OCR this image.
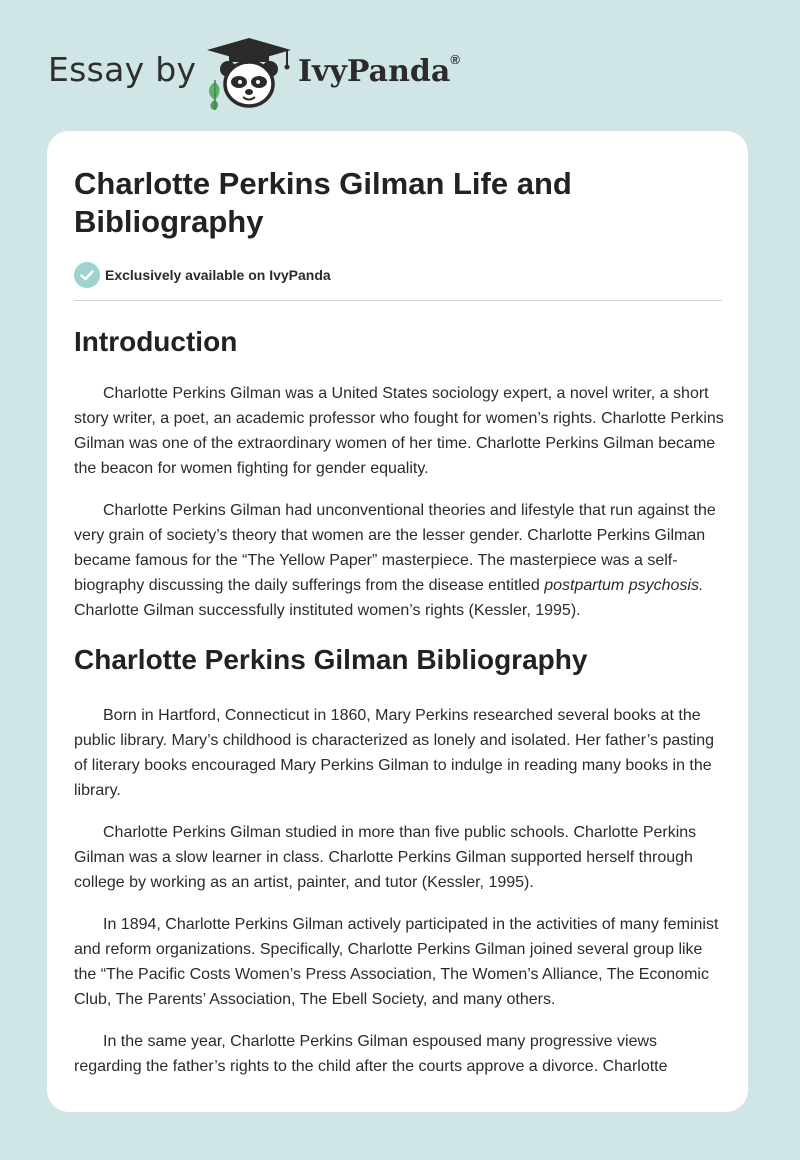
Essay by	IvyPanda®
Charlotte Perkins Gilman Life and Bibliography
Exclusively available on IvyPanda
Introduction

Charlotte Perkins Gilman was a United States sociology expert, a novel writer, a short story writer, a poet, an academic professor who fought for women’s rights. Charlotte Perkins Gilman was one of the extraordinary women of her time. Charlotte Perkins Gilman became the beacon for women fighting for gender equality.

Charlotte Perkins Gilman had unconventional theories and lifestyle that run against the very grain of society’s theory that women are the lesser gender. Charlotte Perkins Gilman became famous for the “The Yellow Paper” masterpiece. The masterpiece was a self-biography discussing the daily sufferings from the disease entitled postpartum psychosis. Charlotte Gilman successfully instituted women’s rights (Kessler, 1995).

Charlotte Perkins Gilman Bibliography

Born in Hartford, Connecticut in 1860, Mary Perkins researched several books at the public library. Mary’s childhood is characterized as lonely and isolated. Her father’s pasting of literary books encouraged Mary Perkins Gilman to indulge in reading many books in the library.

Charlotte Perkins Gilman studied in more than five public schools. Charlotte Perkins Gilman was a slow learner in class. Charlotte Perkins Gilman supported herself through college by working as an artist, painter, and tutor (Kessler, 1995).

In 1894, Charlotte Perkins Gilman actively participated in the activities of many feminist and reform organizations. Specifically, Charlotte Perkins Gilman joined several group like the “The Pacific Costs Women’s Press Association, The Women’s Alliance, The Economic Club, The Parents’ Association, The Ebell Society, and many others.

In the same year, Charlotte Perkins Gilman espoused many progressive views regarding the father’s rights to the child after the courts approve a divorce. Charlotte
